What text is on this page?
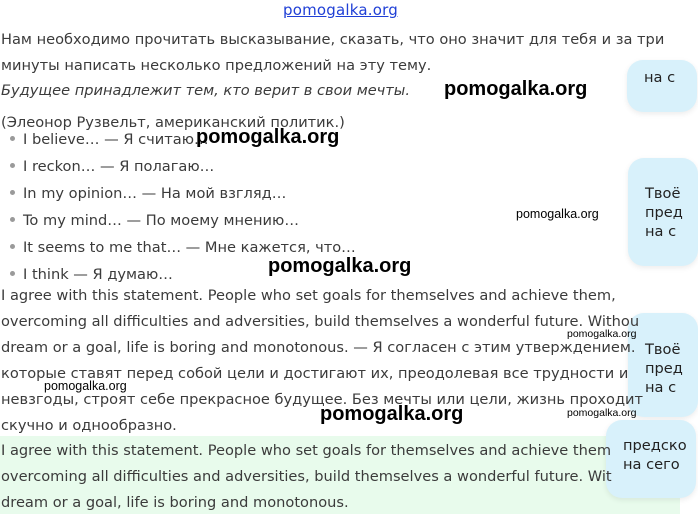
на с
Твоё
пред
на с
Твоё
пред
на с
предско
на сего
pomogalka.org
Нам необходимо прочитать высказывание, сказать, что оно значит для тебя и за три
минуты написать несколько предложений на эту тему.
Будущее принадлежит тем, кто верит в свои мечты.
(Элеонор Рузвельт, американский политик.)
I believe… — Я считаю…
I reckon… — Я полагаю…
In my opinion… — На мой взгляд…
To my mind… — По моему мнению…
It seems to me that… — Мне кажется, что…
I think — Я думаю…
I agree with this statement. People who set goals for themselves and achieve them,
overcoming all difficulties and adversities, build themselves a wonderful future. Withou
dream or a goal, life is boring and monotonous. — Я согласен с этим утверждением.
которые ставят перед собой цели и достигают их, преодолевая все трудности и
невзгоды, строят себе прекрасное будущее. Без мечты или цели, жизнь проходит
скучно и однообразно.
I agree with this statement. People who set goals for themselves and achieve them
overcoming all difficulties and adversities, build themselves a wonderful future. Wit
dream or a goal, life is boring and monotonous.
pomogalka.org
pomogalka.org
pomogalka.org
pomogalka.org
pomogalka.org
pomogalka.org
pomogalka.org	pomogalka.org
